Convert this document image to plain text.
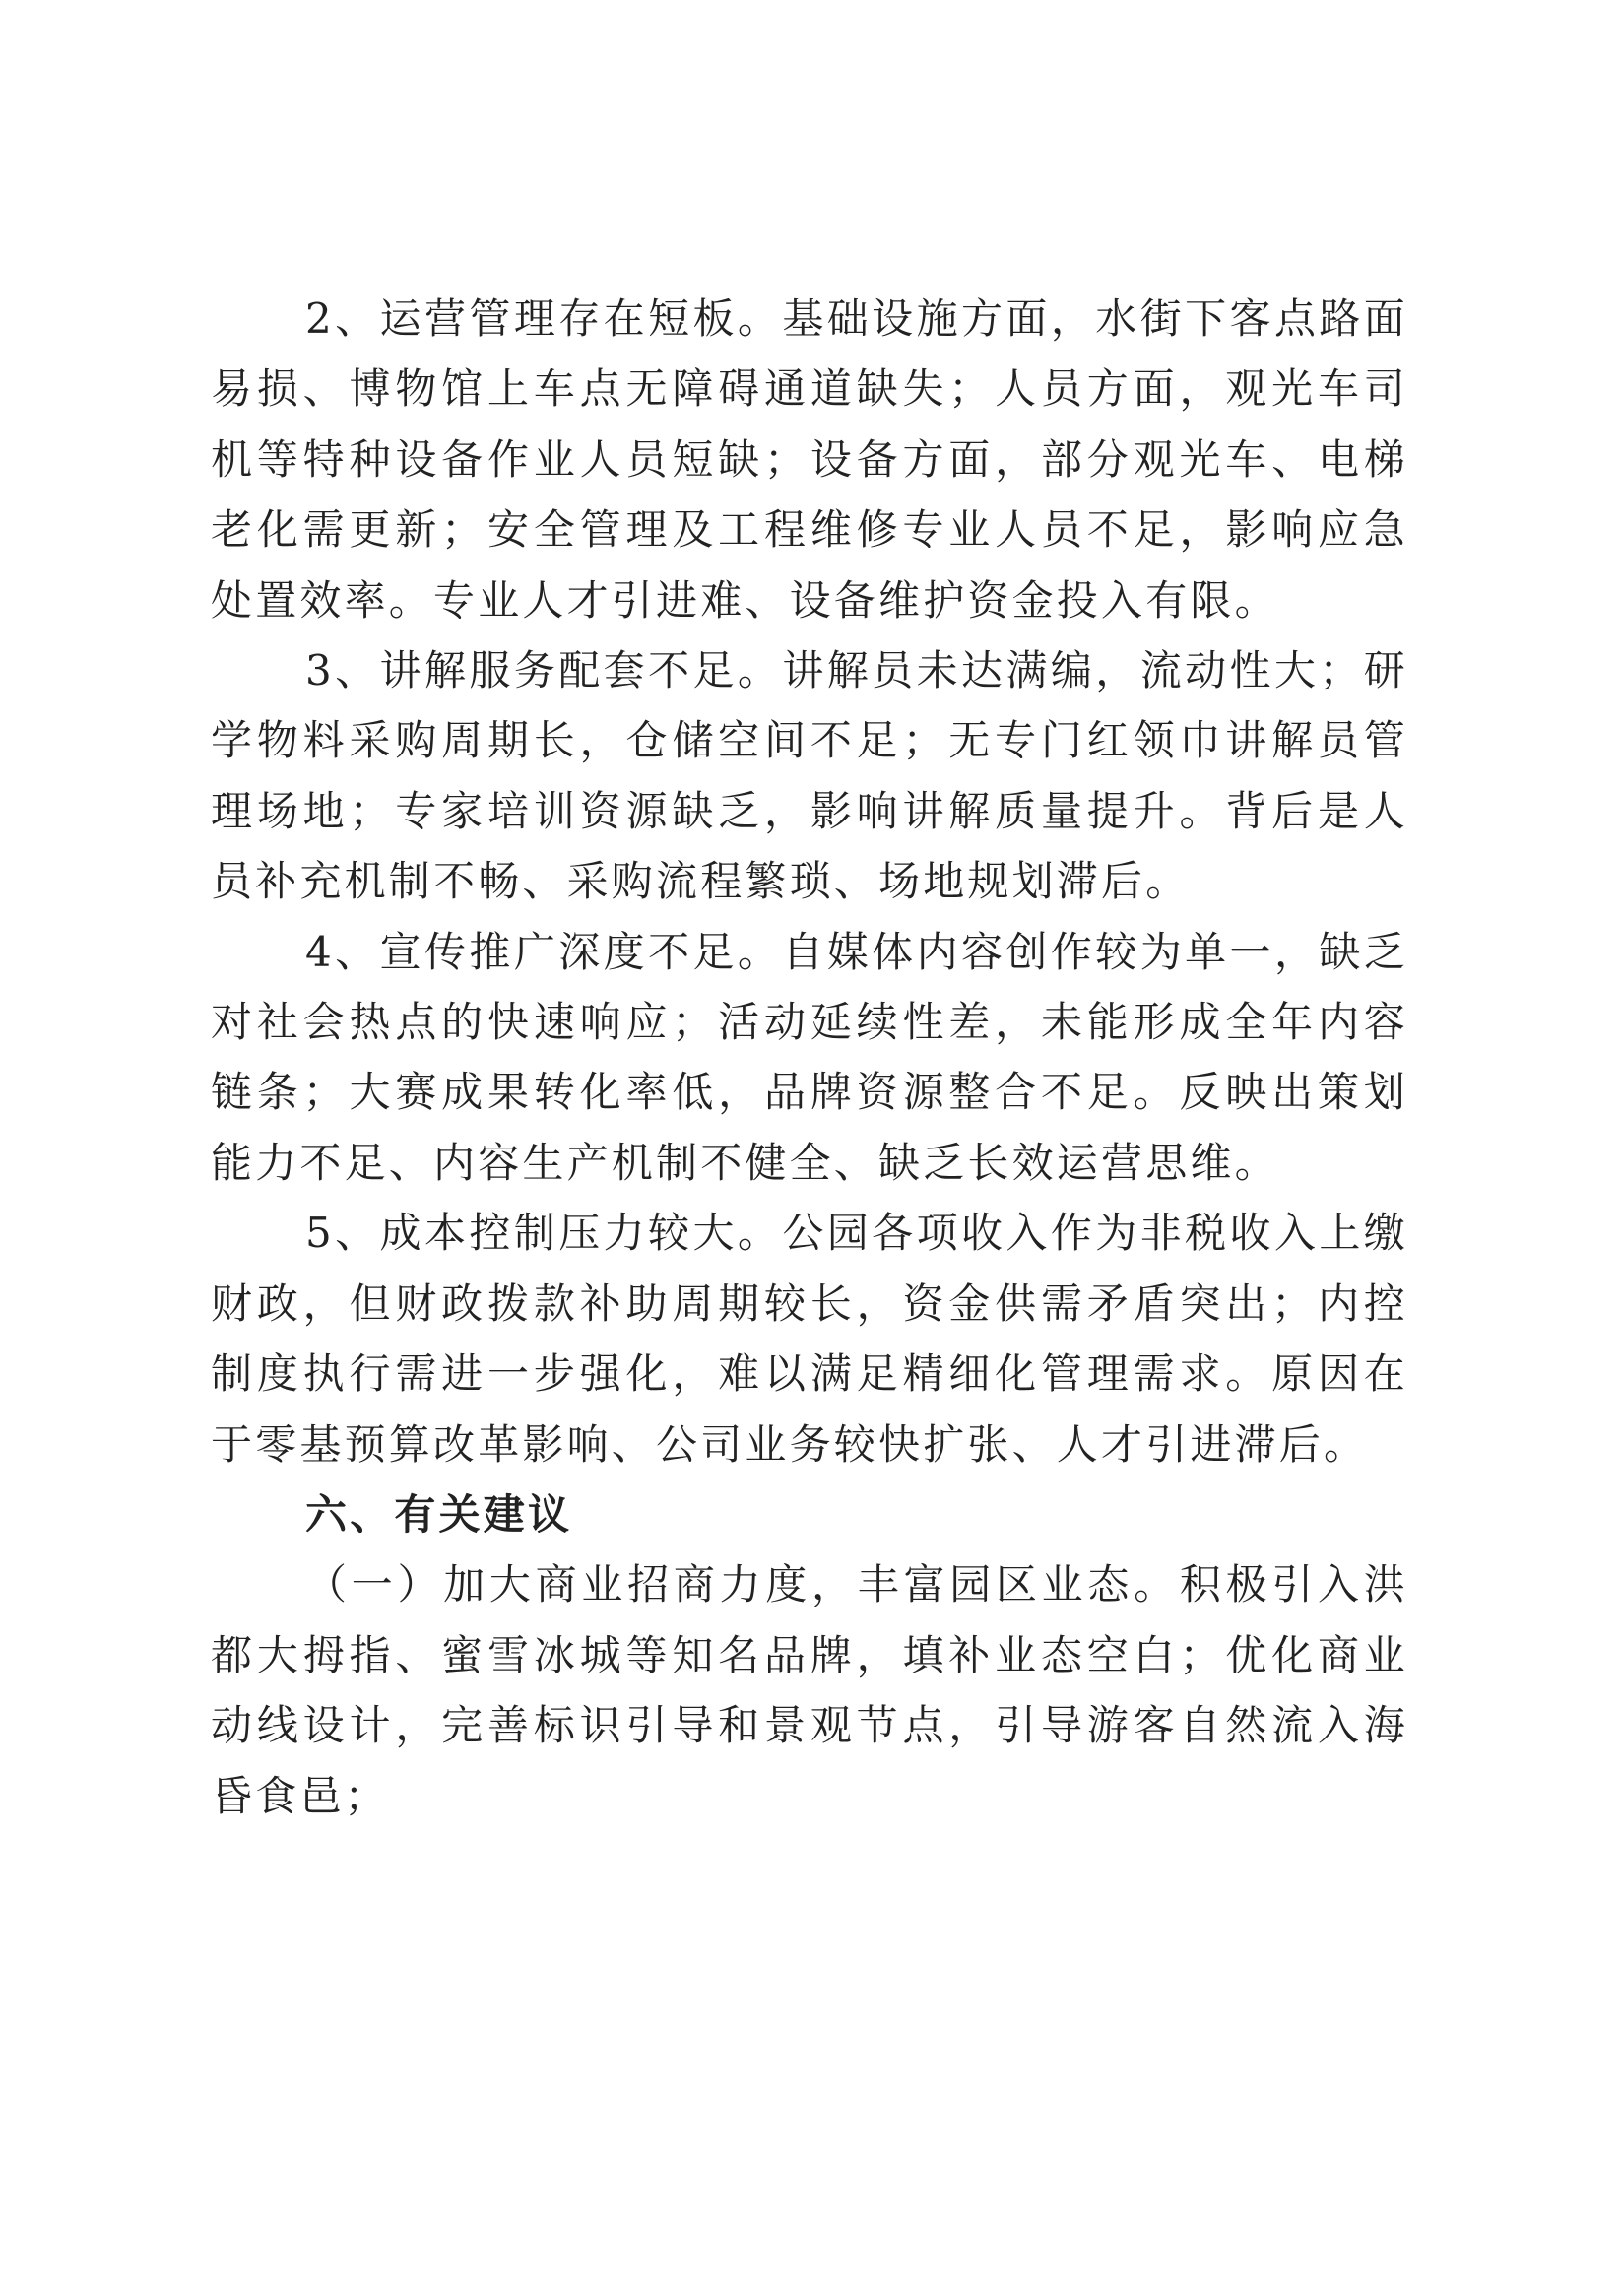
2、运营管理存在短板。基础设施方面，水街下客点路面易损、博物馆上车点无障碍通道缺失；人员方面，观光车司机等特种设备作业人员短缺；设备方面，部分观光车、电梯老化需更新；安全管理及工程维修专业人员不足，影响应急处置效率。专业人才引进难、设备维护资金投入有限。

3、讲解服务配套不足。讲解员未达满编，流动性大；研学物料采购周期长，仓储空间不足；无专门红领巾讲解员管理场地；专家培训资源缺乏，影响讲解质量提升。背后是人员补充机制不畅、采购流程繁琐、场地规划滞后。

4、宣传推广深度不足。自媒体内容创作较为单一，缺乏对社会热点的快速响应；活动延续性差，未能形成全年内容链条；大赛成果转化率低，品牌资源整合不足。反映出策划能力不足、内容生产机制不健全、缺乏长效运营思维。

5、成本控制压力较大。公园各项收入作为非税收入上缴财政，但财政拨款补助周期较长，资金供需矛盾突出；内控制度执行需进一步强化，难以满足精细化管理需求。原因在于零基预算改革影响、公司业务较快扩张、人才引进滞后。

六、有关建议

（一）加大商业招商力度，丰富园区业态。积极引入洪都大拇指、蜜雪冰城等知名品牌，填补业态空白；优化商业动线设计，完善标识引导和景观节点，引导游客自然流入海昏食邑；
